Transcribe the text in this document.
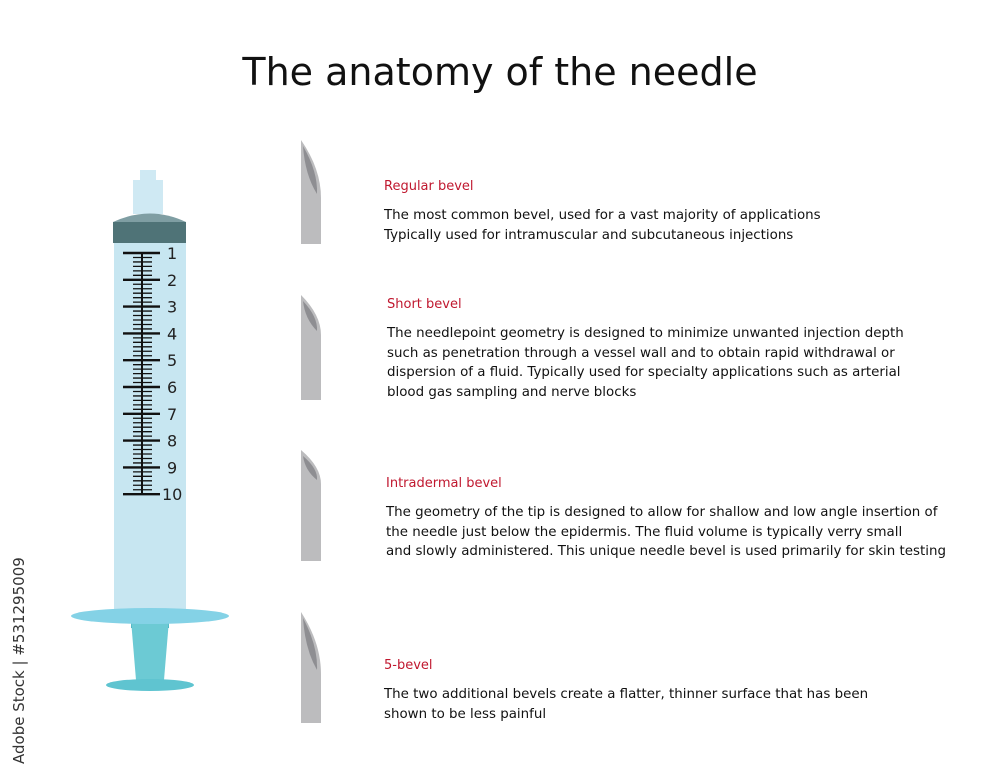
The anatomy of the needle
1
2
3
4
5
6
7
8
9
10
Regular bevel
The most common bevel, used for a vast majority of applications
Typically used for intramuscular and subcutaneous injections
Short bevel
The needlepoint geometry is designed to minimize unwanted injection depth
such as penetration through a vessel wall and to obtain rapid withdrawal or
dispersion of a fluid. Typically used for specialty applications such as arterial
blood gas sampling and nerve blocks
Intradermal bevel
The geometry of the tip is designed to allow for shallow and low angle insertion of
the needle just below the epidermis. The fluid volume is typically verry small
and slowly administered. This unique needle bevel is used primarily for skin testing
5-bevel
The two additional bevels create a flatter, thinner surface that has been
shown to be less painful
Adobe Stock | #531295009
